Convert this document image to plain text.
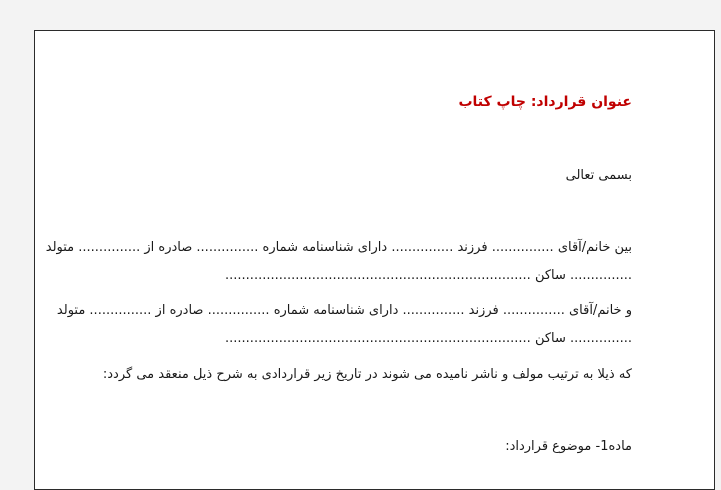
عنوان قرارداد: چاپ کتاب
بسمی تعالی
بین خانم/آقای ............... فرزند ............... دارای شناسنامه شماره ............... صادره از ............... متولد
............... ساکن ..........................................................................
و خانم/آقای ............... فرزند ............... دارای شناسنامه شماره ............... صادره از ............... متولد
............... ساکن ..........................................................................
که ذیلا به ترتیب مولف و ناشر نامیده می شوند در تاریخ زیر قراردادی به شرح ذیل منعقد می گردد:
ماده1- موضوع قرارداد:
